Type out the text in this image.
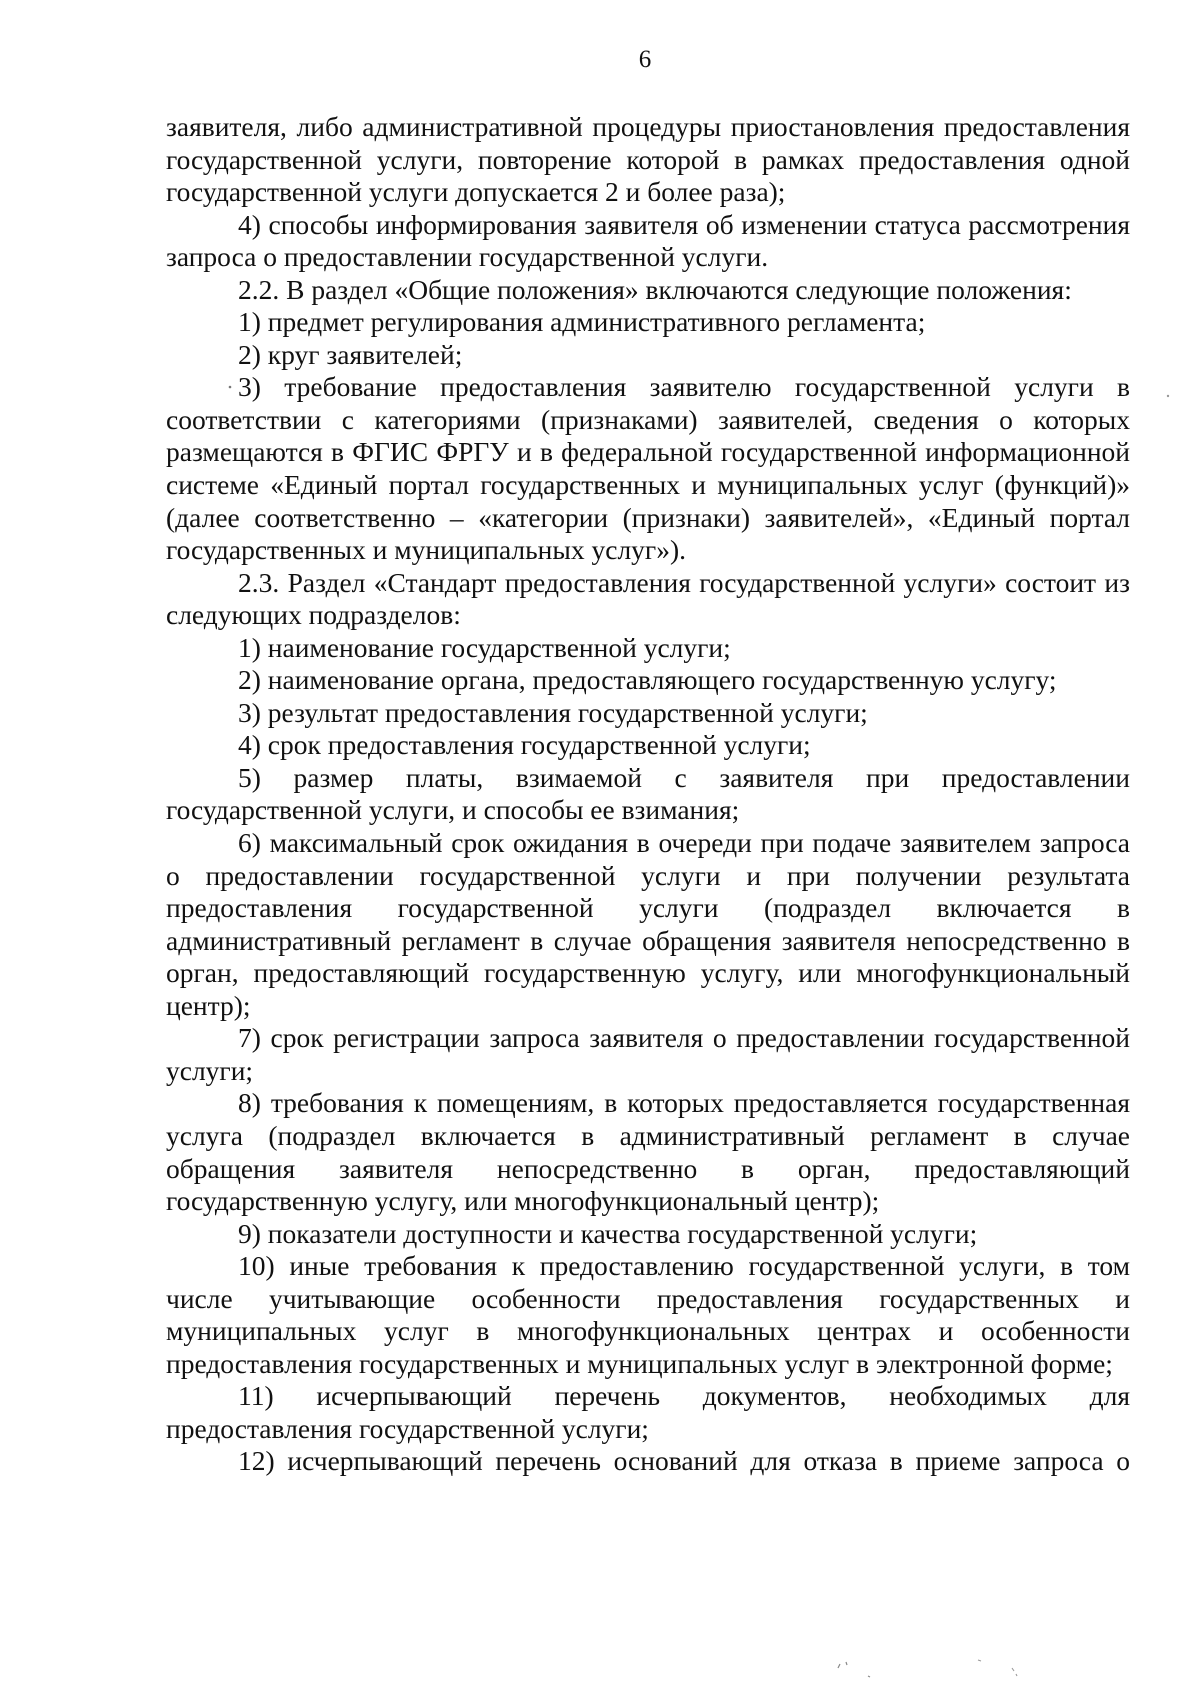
6

заявителя, либо административной процедуры приостановления предоставления государственной услуги, повторение которой в рамках предоставления одной государственной услуги допускается 2 и более раза);

4) способы информирования заявителя об изменении статуса рассмотрения запроса о предоставлении государственной услуги.

2.2. В раздел «Общие положения» включаются следующие положения:

1) предмет регулирования административного регламента;

2) круг заявителей;

3) требование предоставления заявителю государственной услуги в соответствии с категориями (признаками) заявителей, сведения о которых размещаются в ФГИС ФРГУ и в федеральной государственной информационной системе «Единый портал государственных и муниципальных услуг (функций)» (далее соответственно – «категории (признаки) заявителей», «Единый портал государственных и муниципальных услуг»).

2.3. Раздел «Стандарт предоставления государственной услуги» состоит из следующих подразделов:

1) наименование государственной услуги;

2) наименование органа, предоставляющего государственную услугу;

3) результат предоставления государственной услуги;

4) срок предоставления государственной услуги;

5) размер платы, взимаемой с заявителя при предоставлении государственной услуги, и способы ее взимания;

6) максимальный срок ожидания в очереди при подаче заявителем запроса о предоставлении государственной услуги и при получении результата предоставления государственной услуги (подраздел включается в административный регламент в случае обращения заявителя непосредственно в орган, предоставляющий государственную услугу, или многофункциональный центр);

7) срок регистрации запроса заявителя о предоставлении государственной услуги;

8) требования к помещениям, в которых предоставляется государственная услуга (подраздел включается в административный регламент в случае обращения заявителя непосредственно в орган, предоставляющий государственную услугу, или многофункциональный центр);

9) показатели доступности и качества государственной услуги;

10) иные требования к предоставлению государственной услуги, в том числе учитывающие особенности предоставления государственных и муниципальных услуг в многофункциональных центрах и особенности предоставления государственных и муниципальных услуг в электронной форме;

11) исчерпывающий перечень документов, необходимых для предоставления государственной услуги;

12) исчерпывающий перечень оснований для отказа в приеме запроса о
